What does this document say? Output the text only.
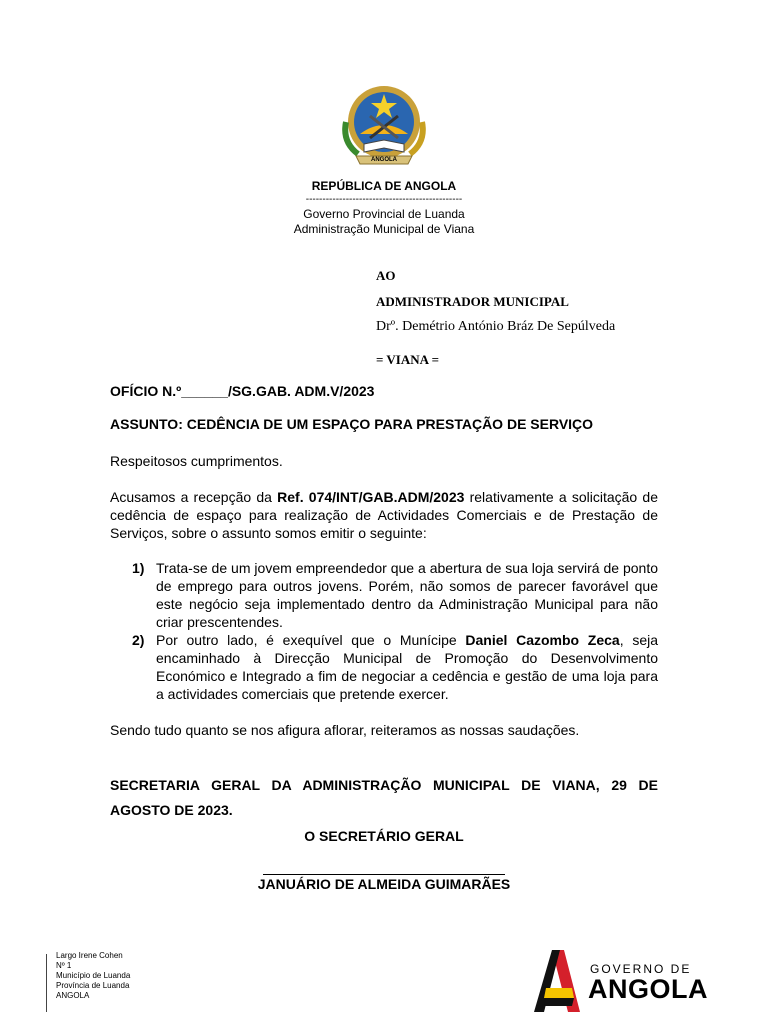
ANGOLA
REPÚBLICA DE ANGOLA
-----------------------------------------------
Governo Provincial de Luanda
Administração Municipal de Viana
AO
ADMINISTRADOR MUNICIPAL
Drº. Demétrio António Bráz De Sepúlveda
= VIANA =
OFÍCIO N.º______/SG.GAB. ADM.V/2023
ASSUNTO: CEDÊNCIA DE UM ESPAÇO PARA PRESTAÇÃO DE SERVIÇO
Respeitosos cumprimentos.
Acusamos a recepção da Ref. 074/INT/GAB.ADM/2023 relativamente a solicitação de cedência de espaço para realização de Actividades Comerciais e de Prestação de Serviços, sobre o assunto somos emitir o seguinte:
1) Trata-se de um jovem empreendedor que a abertura de sua loja servirá de ponto de emprego para outros jovens. Porém, não somos de parecer favorável que este negócio seja implementado dentro da Administração Municipal para não criar prescentendes.
2) Por outro lado, é exequível que o Munícipe Daniel Cazombo Zeca, seja encaminhado à Direcção Municipal de Promoção do Desenvolvimento Económico e Integrado a fim de negociar a cedência e gestão de uma loja para a actividades comerciais que pretende exercer.
Sendo tudo quanto se nos afigura aflorar, reiteramos as nossas saudações.
SECRETARIA GERAL DA ADMINISTRAÇÃO MUNICIPAL DE VIANA, 29 DE AGOSTO DE 2023.
O SECRETÁRIO GERAL
JANUÁRIO DE ALMEIDA GUIMARÃES
Largo Irene Cohen
Nº 1
Município de Luanda
Província de Luanda
ANGOLA
GOVERNO DE
ANGOLA
